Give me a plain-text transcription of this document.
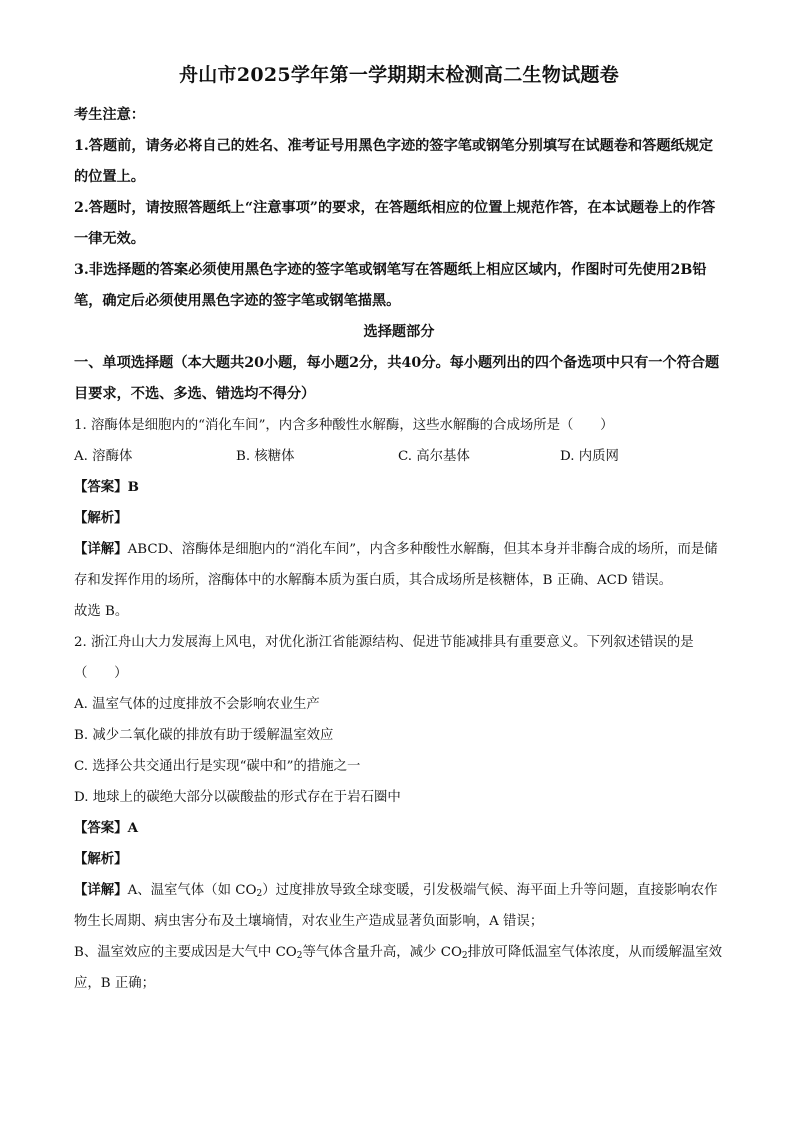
舟山市2025学年第一学期期末检测高二生物试题卷

考生注意：

1.答题前，请务必将自己的姓名、准考证号用黑色字迹的签字笔或钢笔分别填写在试题卷和答题纸规定的位置上。

2.答题时，请按照答题纸上“注意事项”的要求，在答题纸相应的位置上规范作答，在本试题卷上的作答一律无效。

3.非选择题的答案必须使用黑色字迹的签字笔或钢笔写在答题纸上相应区域内，作图时可先使用2B铅笔，确定后必须使用黑色字迹的签字笔或钢笔描黑。

选择题部分

一、单项选择题（本大题共20小题，每小题2分，共40分。每小题列出的四个备选项中只有一个符合题目要求，不选、多选、错选均不得分）

1. 溶酶体是细胞内的“消化车间”，内含多种酸性水解酶，这些水解酶的合成场所是（　　）

A. 溶酶体	B. 核糖体	C. 高尔基体	D. 内质网

【答案】B

【解析】

【详解】ABCD、溶酶体是细胞内的“消化车间”，内含多种酸性水解酶，但其本身并非酶合成的场所，而是储存和发挥作用的场所，溶酶体中的水解酶本质为蛋白质，其合成场所是核糖体，B 正确、ACD 错误。

故选 B。

2. 浙江舟山大力发展海上风电，对优化浙江省能源结构、促进节能减排具有重要意义。下列叙述错误的是（　　）

A. 温室气体的过度排放不会影响农业生产

B. 减少二氧化碳的排放有助于缓解温室效应

C. 选择公共交通出行是实现“碳中和”的措施之一

D. 地球上的碳绝大部分以碳酸盐的形式存在于岩石圈中

【答案】A

【解析】

【详解】A、温室气体（如 $CO_2$）过度排放导致全球变暖，引发极端气候、海平面上升等问题，直接影响农作物生长周期、病虫害分布及土壤墒情，对农业生产造成显著负面影响，A 错误；

B、温室效应的主要成因是大气中 $CO_2$等气体含量升高，减少 $CO_2$排放可降低温室气体浓度，从而缓解温室效应，B 正确；
